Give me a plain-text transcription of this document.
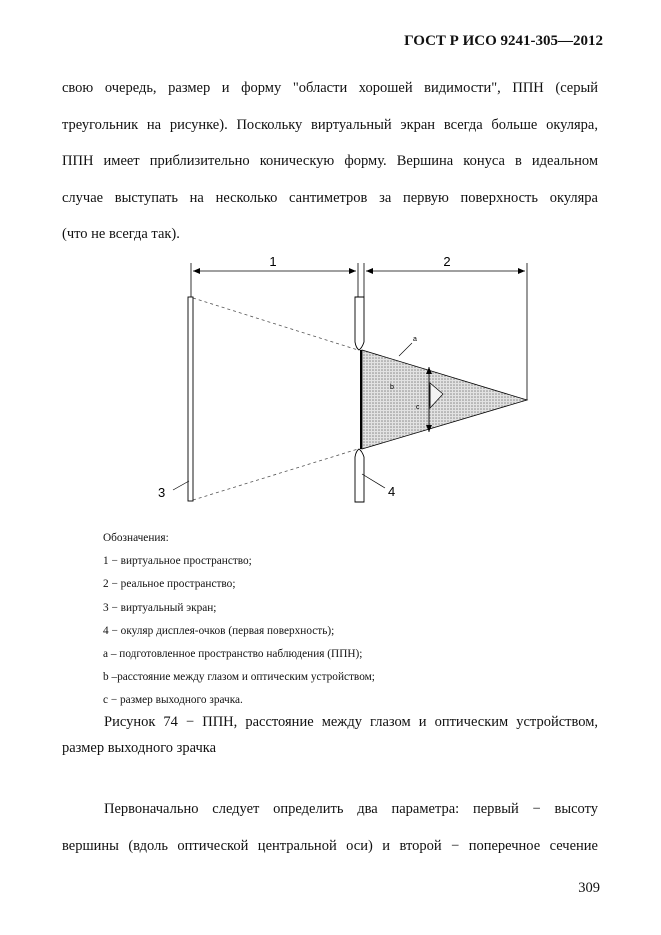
ГОСТ Р ИСО 9241-305—2012
свою очередь, размер и форму "области хорошей видимости", ППН (серый
треугольник на рисунке). Поскольку виртуальный экран всегда больше окуляра,
ППН имеет приблизительно коническую форму. Вершина конуса в идеальном
случае выступать на несколько сантиметров за первую поверхность окуляра
(что не всегда так).
1	2
a
b
c
3	4
Обозначения:
1 − виртуальное пространство;
2 − реальное пространство;
3 − виртуальный экран;
4 − окуляр дисплея-очков (первая поверхность);
a – подготовленное пространство наблюдения (ППН);
b –расстояние между глазом и оптическим устройством;
c − размер выходного зрачка.
Рисунок 74 − ППН, расстояние между глазом и оптическим устройством,
размер выходного зрачка
Первоначально следует определить два параметра: первый − высоту
вершины (вдоль оптической центральной оси) и второй − поперечное сечение
309
